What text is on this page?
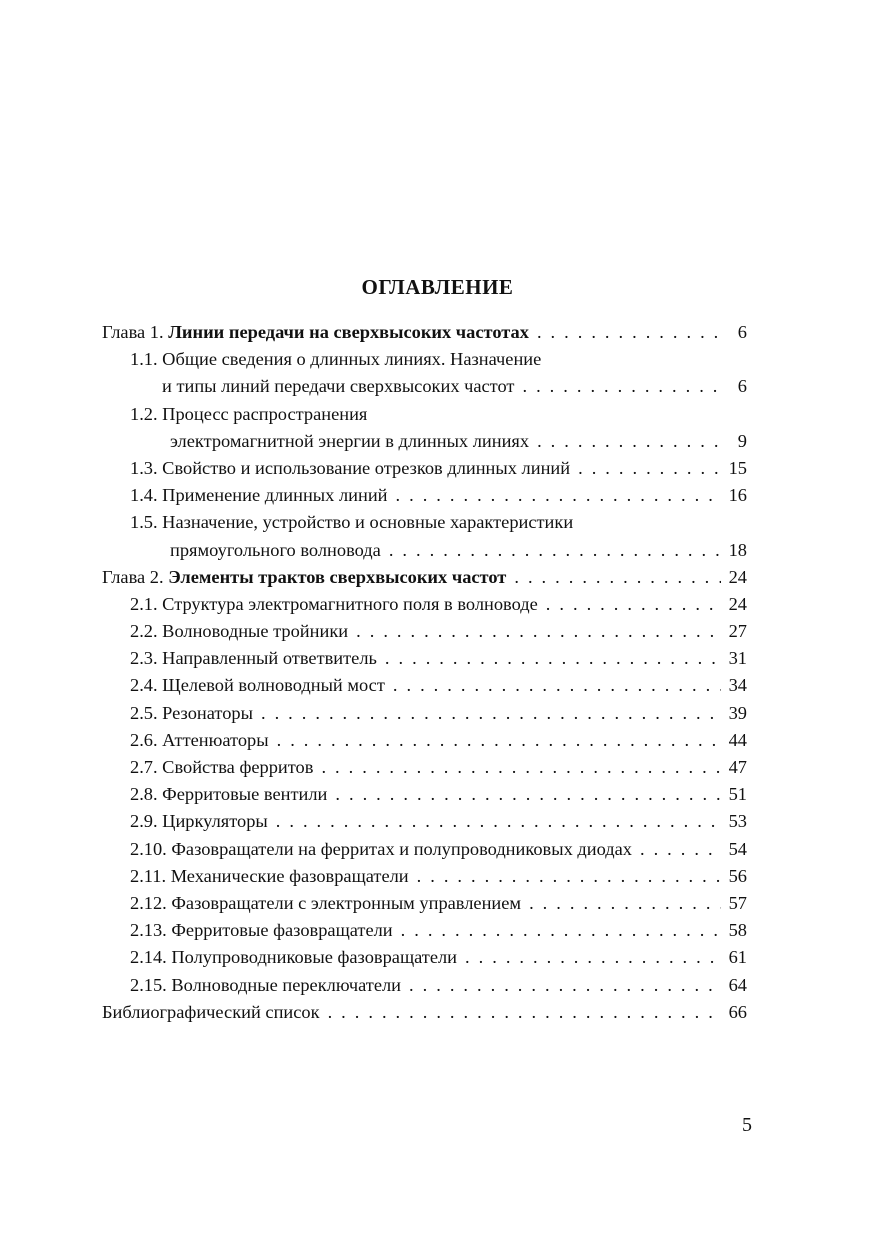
ОГЛАВЛЕНИЕ
Глава 1. Линии передачи на сверхвысоких частотах . . .	6
1.1. Общие сведения о длинных линиях. Назначение
и типы линий передачи сверхвысоких частот . . .	6
1.2. Процесс распространения
электромагнитной энергии в длинных линиях . . .	9
1.3. Свойство и использование отрезков длинных линий . . .	15
1.4. Применение длинных линий . . .	16
1.5. Назначение, устройство и основные характеристики
прямоугольного волновода . . .	18
Глава 2. Элементы трактов сверхвысоких частот . . .	24
2.1. Структура электромагнитного поля в волноводе . . .	24
2.2. Волноводные тройники . . .	27
2.3. Направленный ответвитель . . .	31
2.4. Щелевой волноводный мост . . .	34
2.5. Резонаторы . . .	39
2.6. Аттенюаторы . . .	44
2.7. Свойства ферритов . . .	47
2.8. Ферритовые вентили . . .	51
2.9. Циркуляторы . . .	53
2.10. Фазовращатели на ферритах и полупроводниковых диодах . . .	54
2.11. Механические фазовращатели . . .	56
2.12. Фазовращатели с электронным управлением . . .	57
2.13. Ферритовые фазовращатели . . .	58
2.14. Полупроводниковые фазовращатели . . .	61
2.15. Волноводные переключатели . . .	64
Библиографический список . . .	66
5
